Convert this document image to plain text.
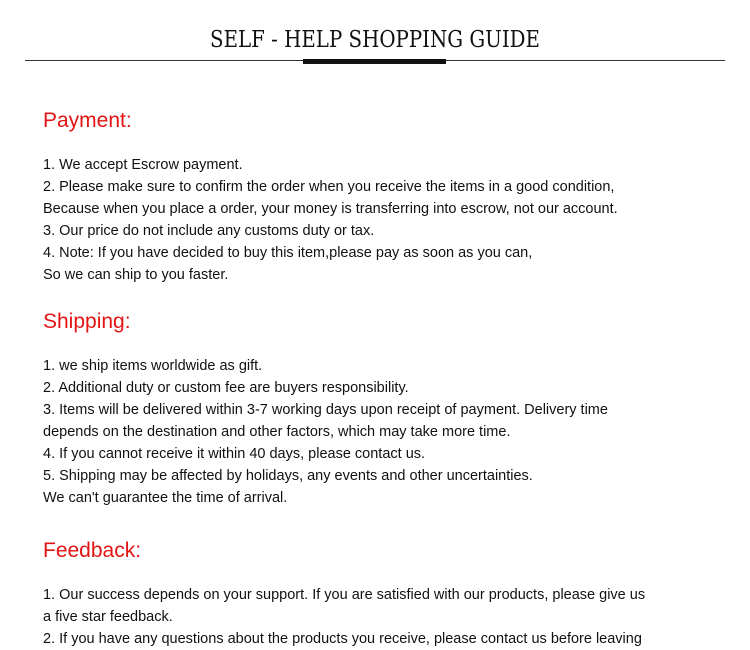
SELF - HELP SHOPPING GUIDE
Payment:
1. We accept Escrow payment.
2. Please make sure to confirm the order when you receive the items in a good condition,
Because when you place a order, your money is transferring into escrow, not our account.
3. Our price do not include any customs duty or tax.
4. Note: If you have decided to buy this item,please pay as soon as you can,
So we can ship to you faster.
Shipping:
1. we ship items worldwide as gift.
2. Additional duty or custom fee are buyers responsibility.
3. Items will be delivered within 3-7 working days upon receipt of payment. Delivery time
depends on the destination and other factors, which may take more time.
4. If you cannot receive it within 40 days, please contact us.
5. Shipping may be affected by holidays, any events and other uncertainties.
We can't guarantee the time of arrival.
Feedback:
1. Our success depends on your support. If you are satisfied with our products, please give us
a five star feedback.
2. If you have any questions about the products you receive, please contact us before leaving
